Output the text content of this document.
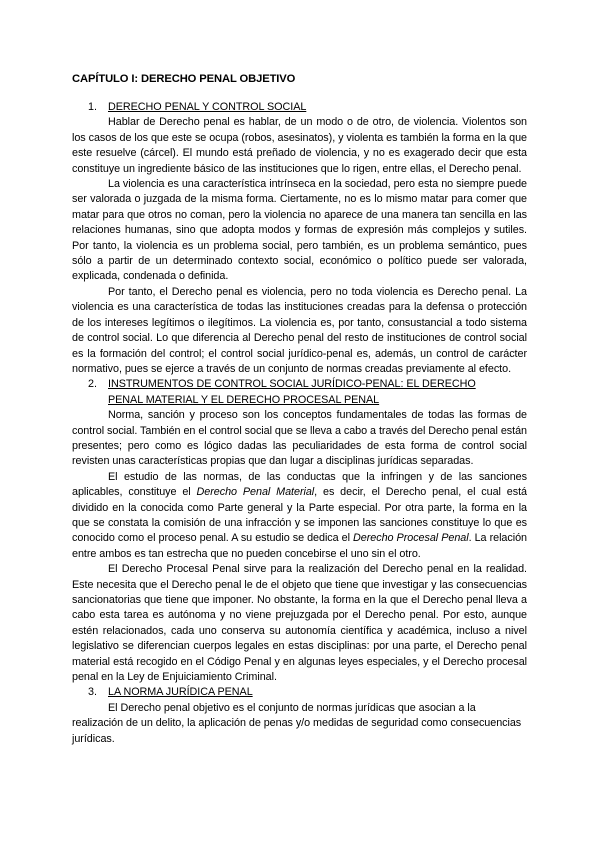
CAPÍTULO I: DERECHO PENAL OBJETIVO
1. DERECHO PENAL Y CONTROL SOCIAL

Hablar de Derecho penal es hablar, de un modo o de otro, de violencia. Violentos son los casos de los que este se ocupa (robos, asesinatos), y violenta es también la forma en la que este resuelve (cárcel). El mundo está preñado de violencia, y no es exagerado decir que esta constituye un ingrediente básico de las instituciones que lo rigen, entre ellas, el Derecho penal.

La violencia es una característica intrínseca en la sociedad, pero esta no siempre puede ser valorada o juzgada de la misma forma. Ciertamente, no es lo mismo matar para comer que matar para que otros no coman, pero la violencia no aparece de una manera tan sencilla en las relaciones humanas, sino que adopta modos y formas de expresión más complejos y sutiles. Por tanto, la violencia es un problema social, pero también, es un problema semántico, pues sólo a partir de un determinado contexto social, económico o político puede ser valorada, explicada, condenada o definida.

Por tanto, el Derecho penal es violencia, pero no toda violencia es Derecho penal. La violencia es una característica de todas las instituciones creadas para la defensa o protección de los intereses legítimos o ilegítimos. La violencia es, por tanto, consustancial a todo sistema de control social. Lo que diferencia al Derecho penal del resto de instituciones de control social es la formación del control; el control social jurídico-penal es, además, un control de carácter normativo, pues se ejerce a través de un conjunto de normas creadas previamente al efecto.

2. INSTRUMENTOS DE CONTROL SOCIAL JURÍDICO-PENAL: EL DERECHO
PENAL MATERIAL Y EL DERECHO PROCESAL PENAL

Norma, sanción y proceso son los conceptos fundamentales de todas las formas de control social. También en el control social que se lleva a cabo a través del Derecho penal están presentes; pero como es lógico dadas las peculiaridades de esta forma de control social revisten unas características propias que dan lugar a disciplinas jurídicas separadas.

El estudio de las normas, de las conductas que la infringen y de las sanciones aplicables, constituye el Derecho Penal Material, es decir, el Derecho penal, el cual está dividido en la conocida como Parte general y la Parte especial. Por otra parte, la forma en la que se constata la comisión de una infracción y se imponen las sanciones constituye lo que es conocido como el proceso penal. A su estudio se dedica el Derecho Procesal Penal. La relación entre ambos es tan estrecha que no pueden concebirse el uno sin el otro.

El Derecho Procesal Penal sirve para la realización del Derecho penal en la realidad. Este necesita que el Derecho penal le de el objeto que tiene que investigar y las consecuencias sancionatorias que tiene que imponer. No obstante, la forma en la que el Derecho penal lleva a cabo esta tarea es autónoma y no viene prejuzgada por el Derecho penal. Por esto, aunque estén relacionados, cada uno conserva su autonomía científica y académica, incluso a nivel legislativo se diferencian cuerpos legales en estas disciplinas: por una parte, el Derecho penal material está recogido en el Código Penal y en algunas leyes especiales, y el Derecho procesal penal en la Ley de Enjuiciamiento Criminal.

3. LA NORMA JURÍDICA PENAL

El Derecho penal objetivo es el conjunto de normas jurídicas que asocian a la realización de un delito, la aplicación de penas y/o medidas de seguridad como consecuencias jurídicas.
